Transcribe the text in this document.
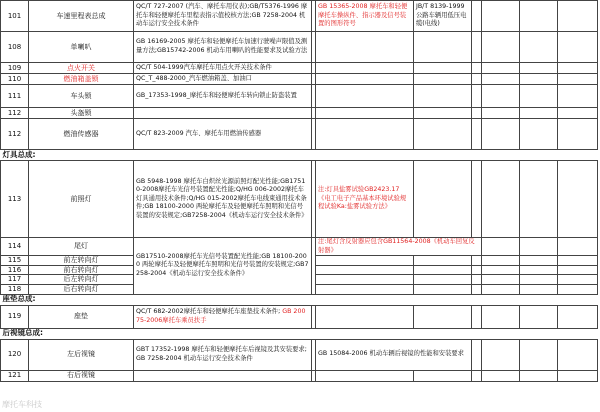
101	车速里程表总成	QC/T 727-2007 (汽车、摩托车用仪表);GB/T5376-1996 摩托车和轻便摩托车里程表指示值校核方法;GB 7258-2004 机动车运行安全技术条件		GB 15365-2008 摩托车和轻便摩托车操纵件、指示器及信号装置的图形符号	JB/T 8139-1999 公路车辆用低压电缆(电线)				
108	单喇叭	GB 16169-2005 摩托车和轻便摩托车加速行驶噪声限值及测量方法;GB15742-2006 机动车用喇叭的性能要求及试验方法							
109	点火开关	QC/T 504-1999汽车摩托车用点火开关技术条件							
110	燃油箱盖锁	QC_T_488-2000_汽车燃油箱盖、加油口							
111	车头锁	GB_17353-1998_摩托车和轻便摩托车转向锁止防盗装置							
112	头盔锁								
112	燃油传感器	QC/T 823-2009 汽车、摩托车用燃油传感器							
灯具总成:									
113	前照灯	GB 5948-1998 摩托车白炽丝光源前照灯配光性能;GB17510-2008摩托车光信号装置配光性能;Q/HG 006-2002摩托车灯具通用技术条件;Q/HG 015-2002摩托车电线束通用技术条件;GB 18100-2000 两轮摩托车及轻便摩托车照明和光信号装置的安装规定;GB7258-2004《机动车运行安全技术条件》		注:灯具盐雾试验GB2423.17《电工电子产品基本环境试验规程试验Ka:盐雾试验方法》					
114	尾灯	GB17510-2008摩托车光信号装置配光性能;GB 18100-2000 两轮摩托车及轻便摩托车照明和光信号装置的安装规定;GB7258-2004《机动车运行安全技术条件》		注:尾灯含反射器应包含GB11564-2008《机动车回复反射器》					
115	前左转向灯								
116	前右转向灯								
117	后左转向灯								
118	后右转向灯								
座垫总成:									
119	座垫	QC/T 682-2002摩托车和轻便摩托车座垫技术条件; GB 20075-2006摩托车乘员扶手							
后视镜总成:									
120	左后视镜	GBT 17352-1998 摩托车和轻便摩托车后视镜及其安装要求;GB 7258-2004 机动车运行安全技术条件		GB 15084-2006 机动车辆后视镜的性能和安装要求					
121	右后视镜								
摩托车科技
